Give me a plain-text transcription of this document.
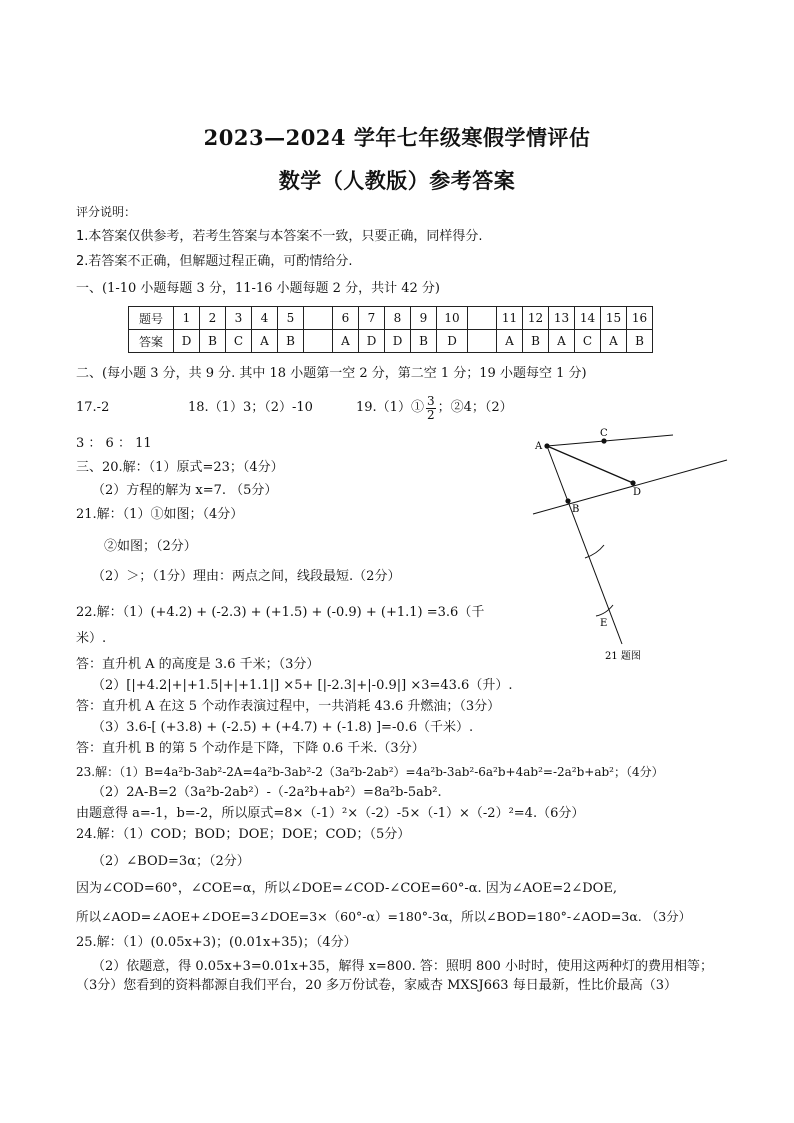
2023—2024 学年七年级寒假学情评估
数学（人教版）参考答案
评分说明：
1.本答案仅供参考，若考生答案与本答案不一致，只要正确，同样得分.
2.若答案不正确，但解题过程正确，可酌情给分.
一、(1-10 小题每题 3 分，11-16 小题每题 2 分，共计 42 分)
题号	1	2	3	4	5		6	7	8	9	10		11	12	13	14	15	16
答案	D	B	C	A	B		A	D	D	B	D		A	B	A	C	A	B
二、(每小题 3 分，共 9 分. 其中 18 小题第一空 2 分，第二空 1 分；19 小题每空 1 分)
17.-2	18.（1）3；（2）-10	19.（1）① $\frac{3}{2}$ ；②4；（2）
3 ： 6 ： 11
三、20.解：（1）原式=23；（4分）
（2）方程的解为 x=7. （5分）
21.解：（1）①如图；（4分）
②如图；（2分）
（2）＞；（1分）理由：两点之间，线段最短.（2分）
22.解：（1）(+4.2) + (-2.3) + (+1.5) + (-0.9) + (+1.1) =3.6（千
米）.
答：直升机 A 的高度是 3.6 千米；（3分）
（2）[|+4.2|+|+1.5|+|+1.1|] ×5+ [|-2.3|+|-0.9|] ×3=43.6（升）.
答：直升机 A 在这 5 个动作表演过程中，一共消耗 43.6 升燃油；（3分）
（3）3.6-[ (+3.8) + (-2.5) + (+4.7) + (-1.8) ]=-0.6（千米）.
答：直升机 B 的第 5 个动作是下降，下降 0.6 千米.（3分）
23.解：（1）B=4a²b-3ab²-2A=4a²b-3ab²-2（3a²b-2ab²）=4a²b-3ab²-6a²b+4ab²=-2a²b+ab²；（4分）
（2）2A-B=2（3a²b-2ab²）-（-2a²b+ab²）=8a²b-5ab².
由题意得 a=-1，b=-2，所以原式=8×（-1）²×（-2）-5×（-1）×（-2）²=4.（6分）
24.解：（1）COD；BOD；DOE；DOE；COD；（5分）
（2）∠BOD=3α；（2分）
因为∠COD=60°，∠COE=α，所以∠DOE=∠COD-∠COE=60°-α. 因为∠AOE=2∠DOE,
所以∠AOD=∠AOE+∠DOE=3∠DOE=3×（60°-α）=180°-3α，所以∠BOD=180°-∠AOD=3α. （3分）
25.解：（1）(0.05x+3)；(0.01x+35)；（4分）
（2）依题意，得 0.05x+3=0.01x+35，解得 x=800. 答：照明 800 小时时，使用这两种灯的费用相等；
（3分）您看到的资料都源自我们平台，20 多万份试卷，家威杏 MXSJ663 每日最新，性比价最高（3）
A
C
D
B
E
21 题图
